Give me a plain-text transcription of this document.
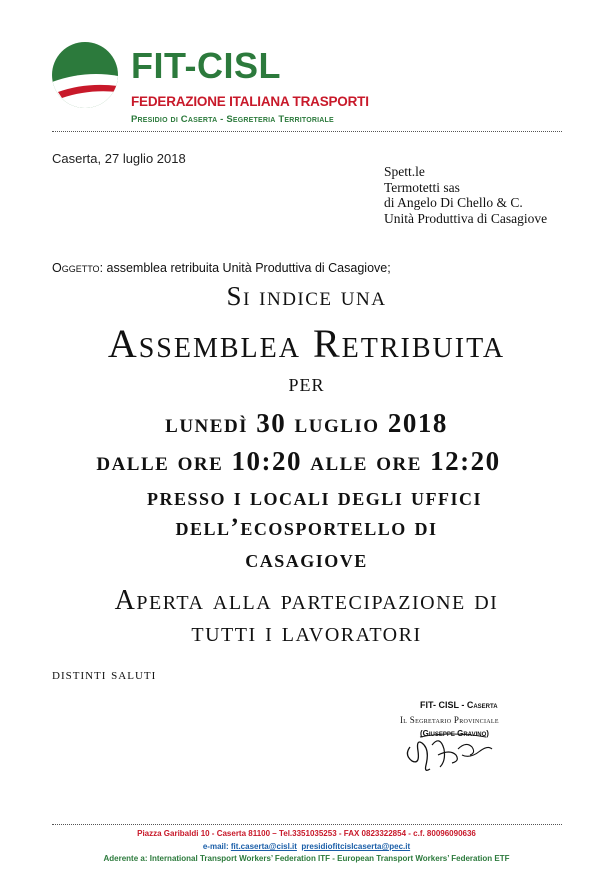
FIT-CISL
FEDERAZIONE ITALIANA TRASPORTI
Presidio di Caserta - Segreteria Territoriale
Caserta, 27 luglio 2018
Spett.le
Termotetti sas
di Angelo Di Chello & C.
Unità Produttiva di Casagiove
Oggetto: assemblea retribuita Unità Produttiva di Casagiove;
Si indice una
Assemblea Retribuita
per
lunedì 30 luglio 2018
dalle ore 10:20 alle ore 12:20
presso i locali degli uffici
dell’ecosportello di
casagiove
Aperta alla partecipazione di
tutti i lavoratori
distinti saluti
FIT- CISL - Caserta
Il Segretario Provinciale
(Giuseppe Gravino)
Piazza Garibaldi 10 - Caserta 81100 – Tel.3351035253 - FAX 0823322854 - c.f. 80096090636
e-mail: fit.caserta@cisl.it presidiofitcislcaserta@pec.it
Aderente a: International Transport Workers’ Federation ITF - European Transport Workers’ Federation ETF
